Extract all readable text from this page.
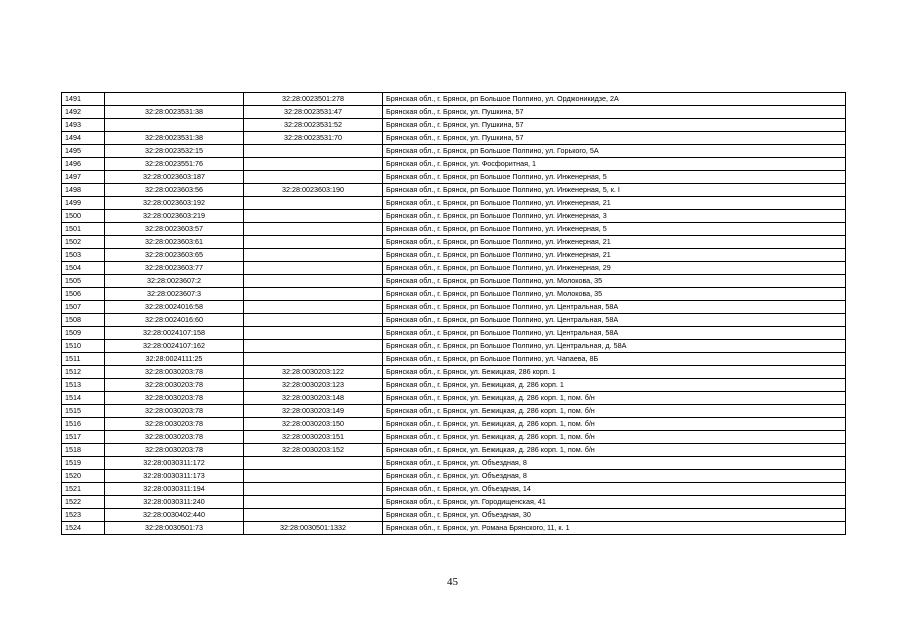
1491		32:28:0023501:278	Брянская обл., г. Брянск, рп Большое Полпино, ул. Орджоникидзе, 2А
1492	32:28:0023531:38	32:28:0023531:47	Брянская обл., г. Брянск, ул. Пушкина, 57
1493		32:28:0023531:52	Брянская обл., г. Брянск, ул. Пушкина, 57
1494	32:28:0023531:38	32:28:0023531:70	Брянская обл., г. Брянск, ул. Пушкина, 57
1495	32:28:0023532:15		Брянская обл., г. Брянск, рп Большое Полпино, ул. Горького, 5А
1496	32:28:0023551:76		Брянская обл., г. Брянск, ул. Фосфоритная, 1
1497	32:28:0023603:187		Брянская обл., г. Брянск, рп Большое Полпино, ул. Инженерная, 5
1498	32:28:0023603:56	32:28:0023603:190	Брянская обл., г. Брянск, рп Большое Полпино, ул. Инженерная, 5, к. I
1499	32:28:0023603:192		Брянская обл., г. Брянск, рп Большое Полпино, ул. Инженерная, 21
1500	32:28:0023603:219		Брянская обл., г. Брянск, рп Большое Полпино, ул. Инженерная, 3
1501	32:28:0023603:57		Брянская обл., г. Брянск, рп Большое Полпино, ул. Инженерная, 5
1502	32:28:0023603:61		Брянская обл., г. Брянск, рп Большое Полпино, ул. Инженерная, 21
1503	32:28:0023603:65		Брянская обл., г. Брянск, рп Большое Полпино, ул. Инженерная, 21
1504	32:28:0023603:77		Брянская обл., г. Брянск, рп Большое Полпино, ул. Инженерная, 29
1505	32:28:0023607:2		Брянская обл., г. Брянск, рп Большое Полпино, ул. Молокова, 35
1506	32:28:0023607:3		Брянская обл., г. Брянск, рп Большое Полпино, ул. Молокова, 35
1507	32:28:0024016:58		Брянская обл., г. Брянск, рп Большое Полпино, ул. Центральная, 58А
1508	32:28:0024016:60		Брянская обл., г. Брянск, рп Большое Полпино, ул. Центральная, 58А
1509	32:28:0024107:158		Брянская обл., г. Брянск, рп Большое Полпино, ул. Центральная, 58А
1510	32:28:0024107:162		Брянская обл., г. Брянск, рп Большое Полпино, ул. Центральная, д. 58А
1511	32:28:0024111:25		Брянская обл., г. Брянск, рп Большое Полпино, ул. Чапаева, 8Б
1512	32:28:0030203:78	32:28:0030203:122	Брянская обл., г. Брянск, ул. Бежицкая, 286 корп. 1
1513	32:28:0030203:78	32:28:0030203:123	Брянская обл., г. Брянск, ул. Бежицкая, д. 286 корп. 1
1514	32:28:0030203:78	32:28:0030203:148	Брянская обл., г. Брянск, ул. Бежицкая, д. 286 корп. 1, пом. б/н
1515	32:28:0030203:78	32:28:0030203:149	Брянская обл., г. Брянск, ул. Бежицкая, д. 286 корп. 1, пом. б/н
1516	32:28:0030203:78	32:28:0030203:150	Брянская обл., г. Брянск, ул. Бежицкая, д. 286 корп. 1, пом. б/н
1517	32:28:0030203:78	32:28:0030203:151	Брянская обл., г. Брянск, ул. Бежицкая, д. 286 корп. 1, пом. б/н
1518	32:28:0030203:78	32:28:0030203:152	Брянская обл., г. Брянск, ул. Бежицкая, д. 286 корп. 1, пом. б/н
1519	32:28:0030311:172		Брянская обл., г. Брянск, ул. Объездная, 8
1520	32:28:0030311:173		Брянская обл., г. Брянск, ул. Объездная, 8
1521	32:28:0030311:194		Брянская обл., г. Брянск, ул. Объездная, 14
1522	32:28:0030311:240		Брянская обл., г. Брянск, ул. Городищенская, 41
1523	32:28:0030402:440		Брянская обл., г. Брянск, ул. Объездная, 30
1524	32:28:0030501:73	32:28:0030501:1332	Брянская обл., г. Брянск, ул. Романа Брянского, 11, к. 1
45
